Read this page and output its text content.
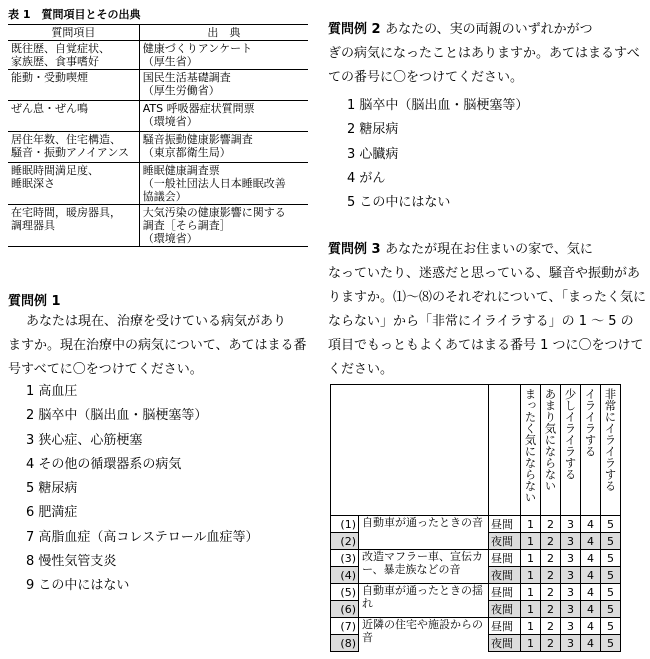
表 1　質問項目とその出典
質問項目	出　典

既往歴、自覚症状、
家族歴、食事嗜好	健康づくりアンケート
（厚生省）

能動・受動喫煙	国民生活基礎調査
（厚生労働省）

ぜん息・ぜん鳴	ATS 呼吸器症状質問票
（環境省）

居住年数、住宅構造、
騒音・振動アノイアンス	騒音振動健康影響調査
（東京都衛生局）

睡眠時間満足度、
睡眠深さ	睡眠健康調査票
（一般社団法人日本睡眠改善
協議会）

在宅時間，暖房器具，
調理器具	大気汚染の健康影響に関する
調査［そら調査］
（環境省）
質問例 1
あなたは現在、治療を受けている病気があり
ますか。現在治療中の病気について、あてはまる番号すべてに〇をつけてください。
1 高血圧
2 脳卒中（脳出血・脳梗塞等）
3 狭心症、心筋梗塞
4 その他の循環器系の病気
5 糖尿病
6 肥満症
7 高脂血症（高コレステロール血症等）
8 慢性気管支炎
9 この中にはない
質問例 2 あなたの、実の両親のいずれかがつ
ぎの病気になったことはありますか。あてはまるすべての番号に〇をつけてください。
1 脳卒中（脳出血・脳梗塞等）
2 糖尿病
3 心臓病
4 がん
5 この中にはない
質問例 3 あなたが現在お住まいの家で、気に
なっていたり、迷惑だと思っている、騒音や振動がありますか。⑴〜⑻のそれぞれについて、「まったく気にならない」から「非常にイライラする」の 1 〜 5 の項目でもっともよくあてはまる番号 1 つに〇をつけてください。

			まったく気にならない	あまり気にならない	少しイライラする	イライラする	非常にイライラする

(1)	自動車が通ったときの音	昼間	1	2	3	4	5
(2)		夜間	1	2	3	4	5
(3)	改造マフラー車、宣伝カー、暴走族などの音	昼間	1	2	3	4	5
(4)		夜間	1	2	3	4	5
(5)	自動車が通ったときの揺れ	昼間	1	2	3	4	5
(6)		夜間	1	2	3	4	5
(7)	近隣の住宅や施設からの音	昼間	1	2	3	4	5
(8)		夜間	1	2	3	4	5
